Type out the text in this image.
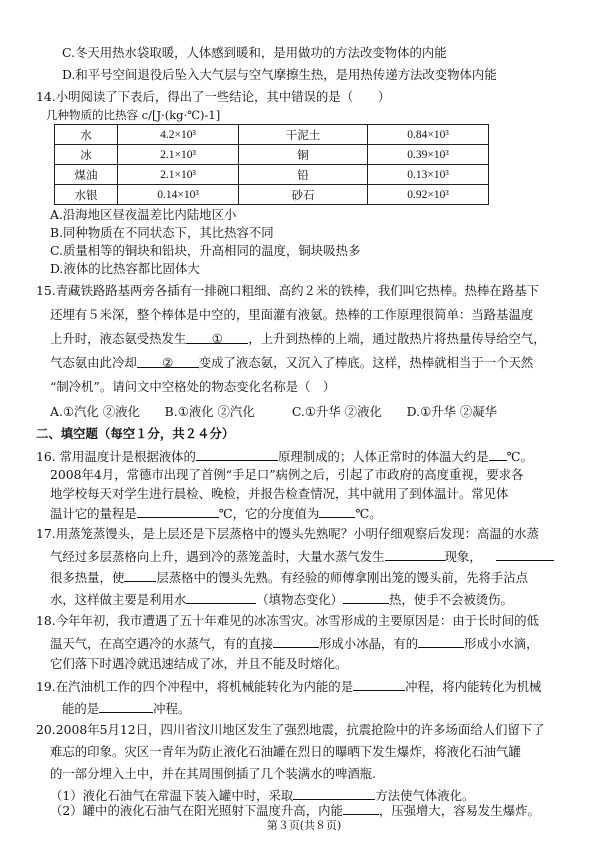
C.冬天用热水袋取暖，人体感到暖和，是用做功的方法改变物体的内能
D.和平号空间退役后坠入大气层与空气摩擦生热，是用热传递方法改变物体内能
14.小明阅读了下表后，得出了一些结论，其中错误的是（　　）
几种物质的比热容 c/[J·(kg·℃)-1]
水	4.2×10³	干泥土	0.84×10³
冰	2.1×10³	铜	0.39×10³
煤油	2.1×10³	铅	0.13×10³
水银	0.14×10³	砂石	0.92×10³
A.沿海地区昼夜温差比内陆地区小
B.同种物质在不同状态下，其比热容不同
C.质量相等的铜块和铅块，升高相同的温度，铜块吸热多
D.液体的比热容都比固体大
15.青藏铁路路基两旁各插有一排碗口粗细、高约２米的铁棒，我们叫它热棒。热棒在路基下
还埋有５米深，整个棒体是中空的，里面灌有液氨。热棒的工作原理很简单：当路基温度
上升时，液态氨受热发生 ① ，上升到热棒的上端，通过散热片将热量传导给空气，
气态氨由此冷却 ② 变成了液态氨，又沉入了棒底。这样，热棒就相当于一个天然
“制冷机”。请问文中空格处的物态变化名称是（　）
A.①汽化 ②液化　　B.①液化 ②汽化　　　C.①升华 ②液化　　D.①升华 ②凝华
二、填空题（每空１分，共２４分）
16. 常用温度计是根据液体的	原理制成的；人体正常时的体温大约是 ℃。
2008年4月，常德市出现了首例“手足口”病例之后，引起了市政府的高度重视，要求各
地学校每天对学生进行晨检、晚检，并报告检查情况，其中就用了到体温计。常见体
温计它的量程是	℃，它的分度值为	℃。
17.用蒸笼蒸馒头，是上层还是下层蒸格中的馒头先熟呢？小明仔细观察后发现：高温的水蒸
气经过多层蒸格向上升，遇到冷的蒸笼盖时，大量水蒸气发生	现象，
很多热量，使	层蒸格中的馒头先熟。有经验的师傅拿刚出笼的馒头前，先将手沾点
水，这样做主要是利用水	（填物态变化）	热，使手不会被烫伤。
18.今年年初，我市遭遇了五十年难见的冰冻雪灾。冰雪形成的主要原因是：由于长时间的低
温天气，在高空遇冷的水蒸气，有的直接	形成小冰晶，有的	形成小水滴，
它们落下时遇冷就迅速结成了冰，并且不能及时熔化。
19.在汽油机工作的四个冲程中，将机械能转化为内能的是	冲程，将内能转化为机械
能的是	冲程。
20.2008年5月12日，四川省汶川地区发生了强烈地震，抗震抢险中的许多场面给人们留下了
难忘的印象。灾区一青年为防止液化石油罐在烈日的曝晒下发生爆炸，将液化石油气罐
的一部分埋入土中，并在其周围倒插了几个装满水的啤酒瓶.
（1）液化石油气在常温下装入罐中时，采取	方法使气体液化。
（2）罐中的液化石油气在阳光照射下温度升高，内能	，压强增大，容易发生爆炸。
第３页(共８页)
